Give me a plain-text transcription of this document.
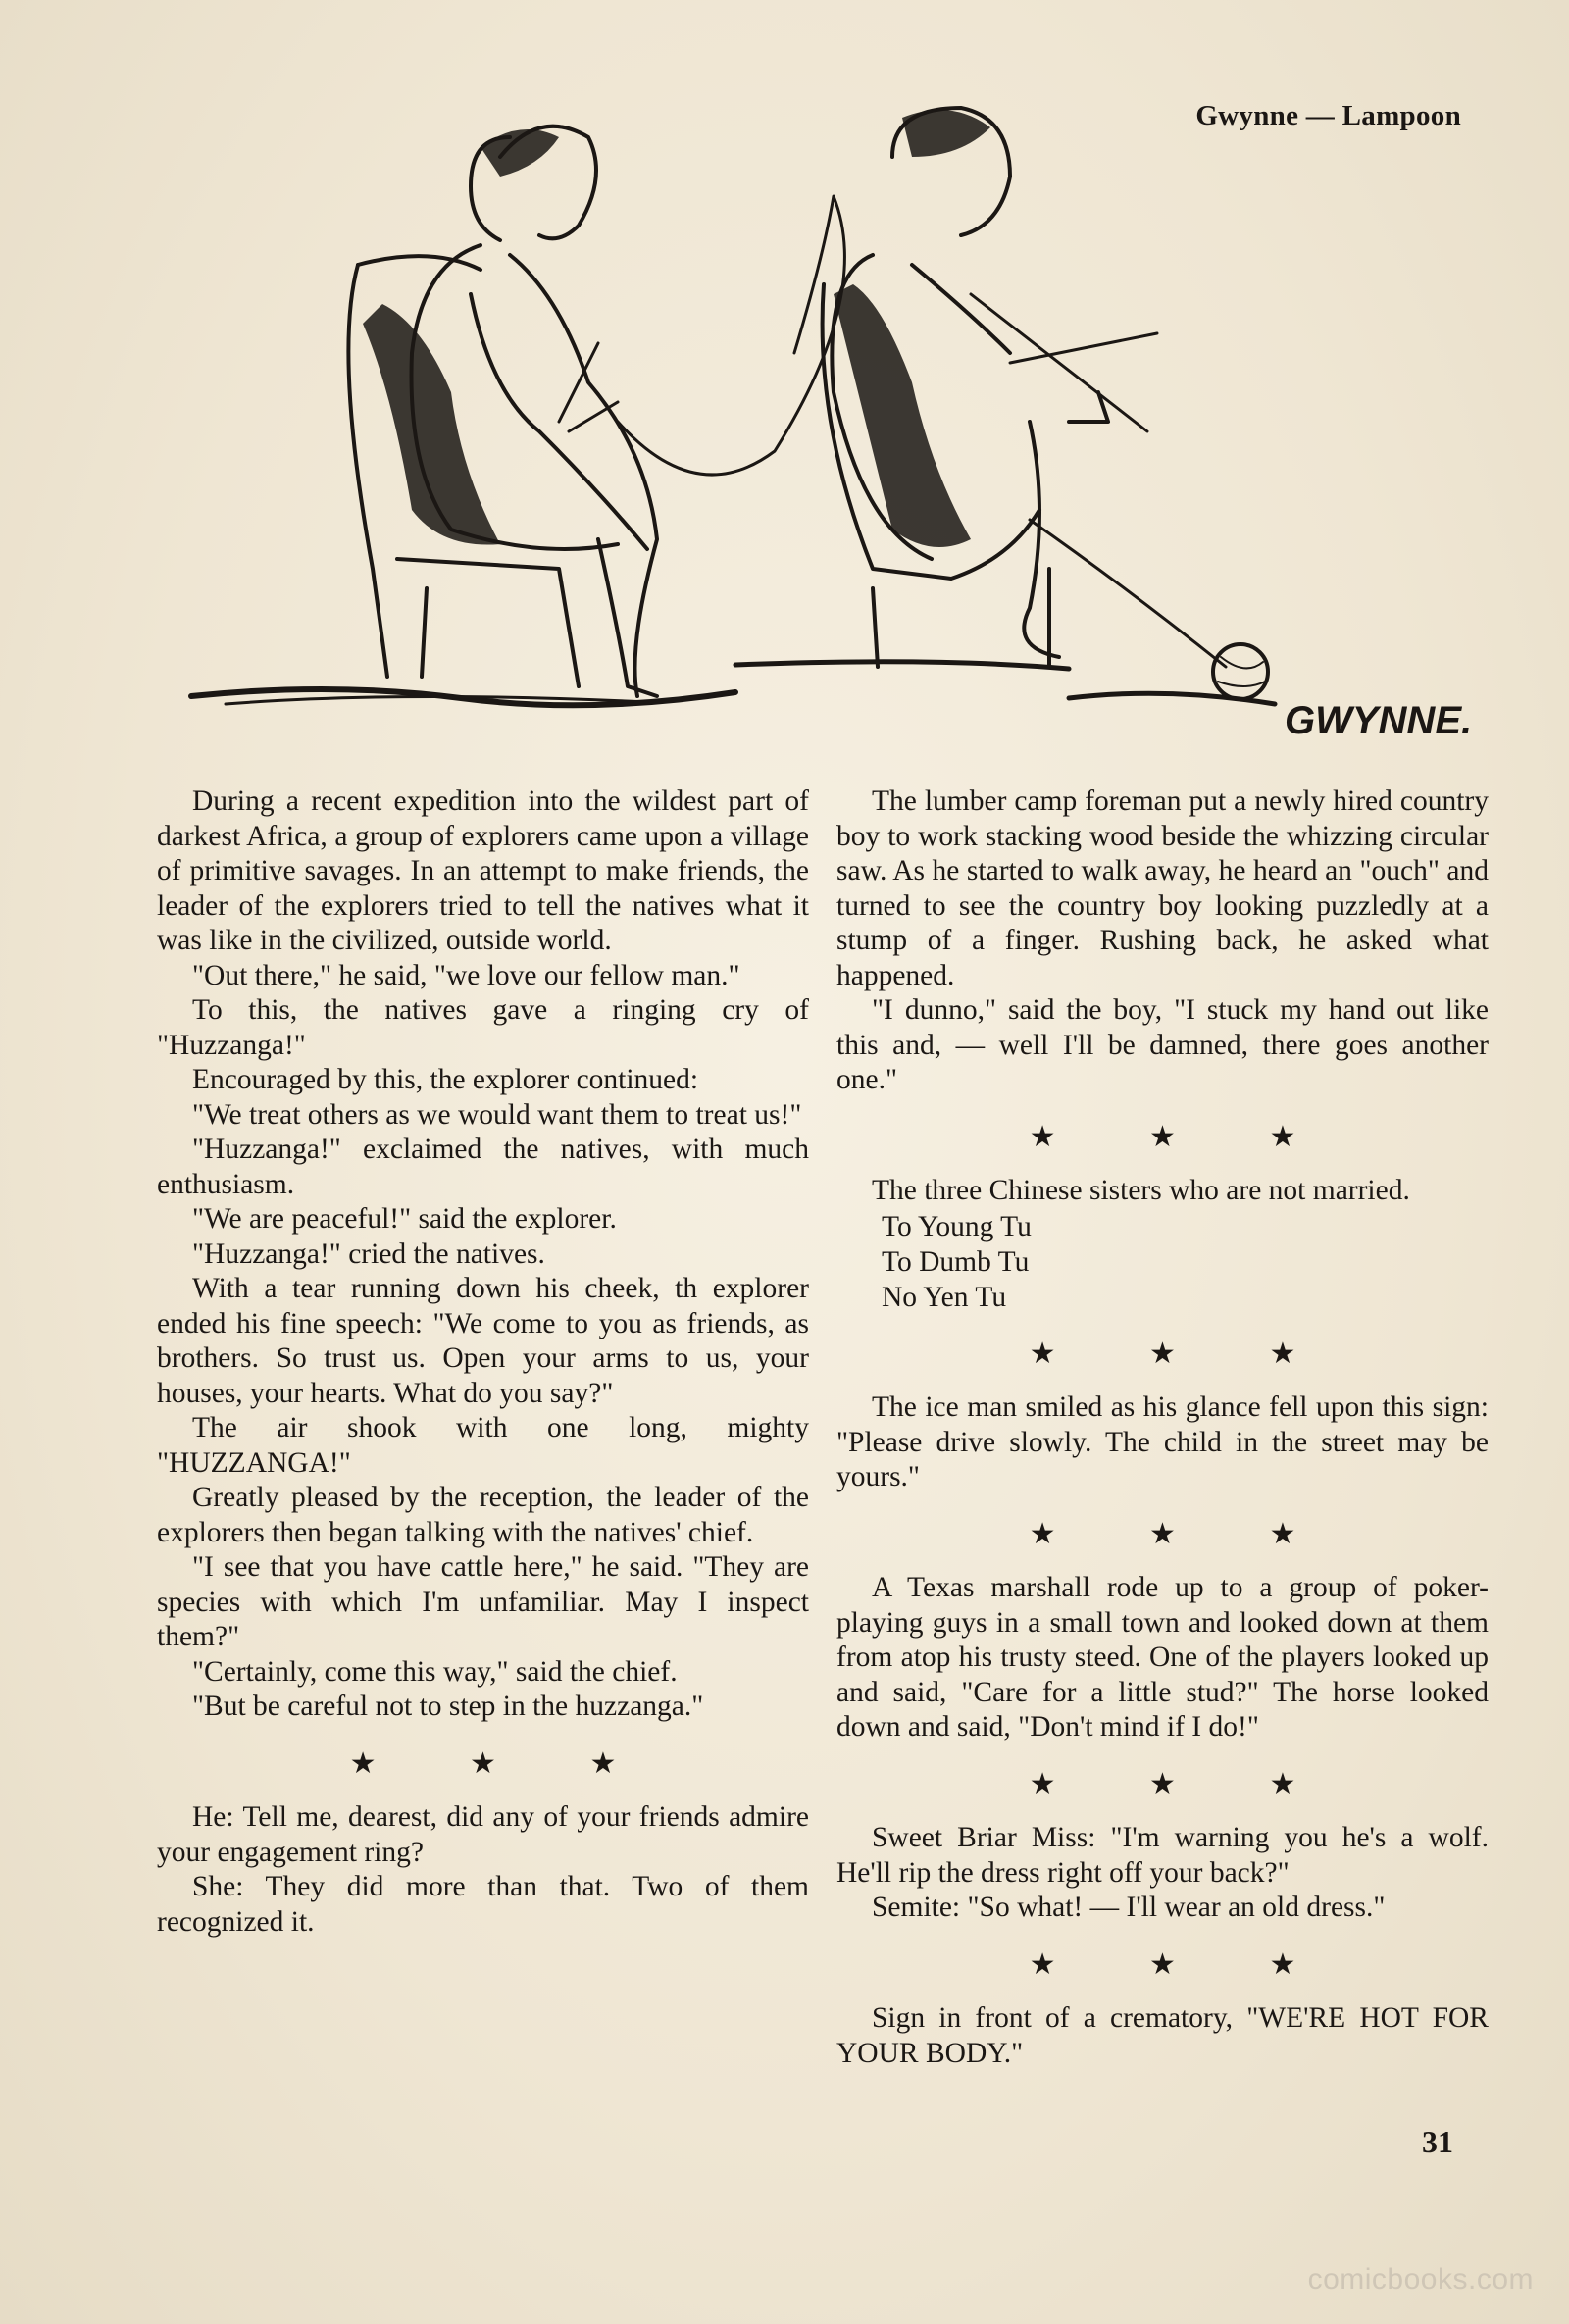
Gwynne — Lampoon
GWYNNE.

During a recent expedition into the wildest part of darkest Africa, a group of explorers came upon a village of primitive savages. In an attempt to make friends, the leader of the explorers tried to tell the natives what it was like in the civilized, outside world.

"Out there," he said, "we love our fellow man."

To this, the natives gave a ringing cry of "Huzzanga!"

Encouraged by this, the explorer continued:

"We treat others as we would want them to treat us!"

"Huzzanga!" exclaimed the natives, with much enthusiasm.

"We are peaceful!" said the explorer.

"Huzzanga!" cried the natives.

With a tear running down his cheek, th explorer ended his fine speech: "We come to you as friends, as brothers. So trust us. Open your arms to us, your houses, your hearts. What do you say?"

The air shook with one long, mighty "HUZZANGA!"

Greatly pleased by the reception, the leader of the explorers then began talking with the natives' chief.

"I see that you have cattle here," he said. "They are species with which I'm unfamiliar. May I inspect them?"

"Certainly, come this way," said the chief.

"But be careful not to step in the huzzanga."

★ ★ ★

He: Tell me, dearest, did any of your friends admire your engagement ring?

She: They did more than that. Two of them recognized it.

The lumber camp foreman put a newly hired country boy to work stacking wood beside the whizzing circular saw. As he started to walk away, he heard an "ouch" and turned to see the country boy looking puzzledly at a stump of a finger. Rushing back, he asked what happened.

"I dunno," said the boy, "I stuck my hand out like this and, — well I'll be damned, there goes another one."

★ ★ ★

The three Chinese sisters who are not married.

To Young Tu
To Dumb Tu
No Yen Tu
★ ★ ★

The ice man smiled as his glance fell upon this sign: "Please drive slowly. The child in the street may be yours."

★ ★ ★

A Texas marshall rode up to a group of poker-playing guys in a small town and looked down at them from atop his trusty steed. One of the players looked up and said, "Care for a little stud?" The horse looked down and said, "Don't mind if I do!"

★ ★ ★

Sweet Briar Miss: "I'm warning you he's a wolf. He'll rip the dress right off your back?"

Semite: "So what! — I'll wear an old dress."

★ ★ ★

Sign in front of a crematory, "WE'RE HOT FOR YOUR BODY."

31
comicbooks.com
